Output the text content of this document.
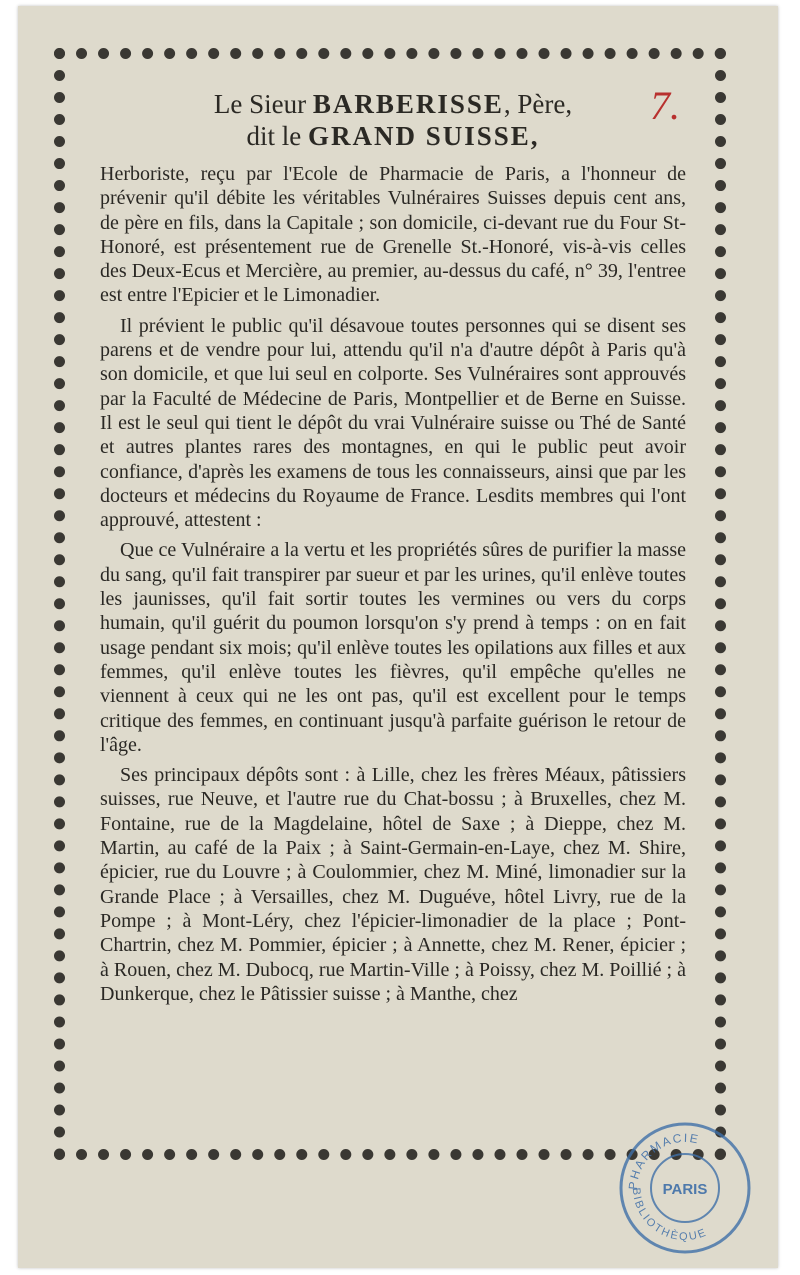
7.
Le Sieur BARBERISSE, Père,
dit le GRAND SUISSE,

Herboriste, reçu par l'Ecole de Pharmacie de Paris, a l'honneur de prévenir qu'il débite les véritables Vulnéraires Suisses depuis cent ans, de père en fils, dans la Capitale ; son domicile, ci-devant rue du Four St-Honoré, est présentement rue de Grenelle St.-Honoré, vis-à-vis celles des Deux-Ecus et Mercière, au premier, au-dessus du café, n° 39, l'entree est entre l'Epicier et le Limonadier.

Il prévient le public qu'il désavoue toutes personnes qui se disent ses parens et de vendre pour lui, attendu qu'il n'a d'autre dépôt à Paris qu'à son domicile, et que lui seul en colporte. Ses Vulnéraires sont approuvés par la Faculté de Médecine de Paris, Montpellier et de Berne en Suisse. Il est le seul qui tient le dépôt du vrai Vulnéraire suisse ou Thé de Santé et autres plantes rares des montagnes, en qui le public peut avoir confiance, d'après les examens de tous les connaisseurs, ainsi que par les docteurs et médecins du Royaume de France. Lesdits membres qui l'ont approuvé, attestent :

Que ce Vulnéraire a la vertu et les propriétés sûres de purifier la masse du sang, qu'il fait transpirer par sueur et par les urines, qu'il enlève toutes les jaunisses, qu'il fait sortir toutes les vermines ou vers du corps humain, qu'il guérit du poumon lorsqu'on s'y prend à temps : on en fait usage pendant six mois; qu'il enlève toutes les opilations aux filles et aux femmes, qu'il enlève toutes les fièvres, qu'il empêche qu'elles ne viennent à ceux qui ne les ont pas, qu'il est excellent pour le temps critique des femmes, en continuant jusqu'à parfaite guérison le retour de l'âge.

Ses principaux dépôts sont : à Lille, chez les frères Méaux, pâtissiers suisses, rue Neuve, et l'autre rue du Chat-bossu ; à Bruxelles, chez M. Fontaine, rue de la Magdelaine, hôtel de Saxe ; à Dieppe, chez M. Martin, au café de la Paix ; à Saint-Germain-en-Laye, chez M. Shire, épicier, rue du Louvre ; à Coulommier, chez M. Miné, limonadier sur la Grande Place ; à Versailles, chez M. Duguéve, hôtel Livry, rue de la Pompe ; à Mont-Léry, chez l'épicier-limonadier de la place ; Pont-Chartrin, chez M. Pommier, épicier ; à Annette, chez M. Rener, épicier ; à Rouen, chez M. Dubocq, rue Martin-Ville ; à Poissy, chez M. Poillié ; à Dunkerque, chez le Pâtissier suisse ; à Manthe, chez

PHARMACIE
BIBLIOTHÈQUE
PARIS
